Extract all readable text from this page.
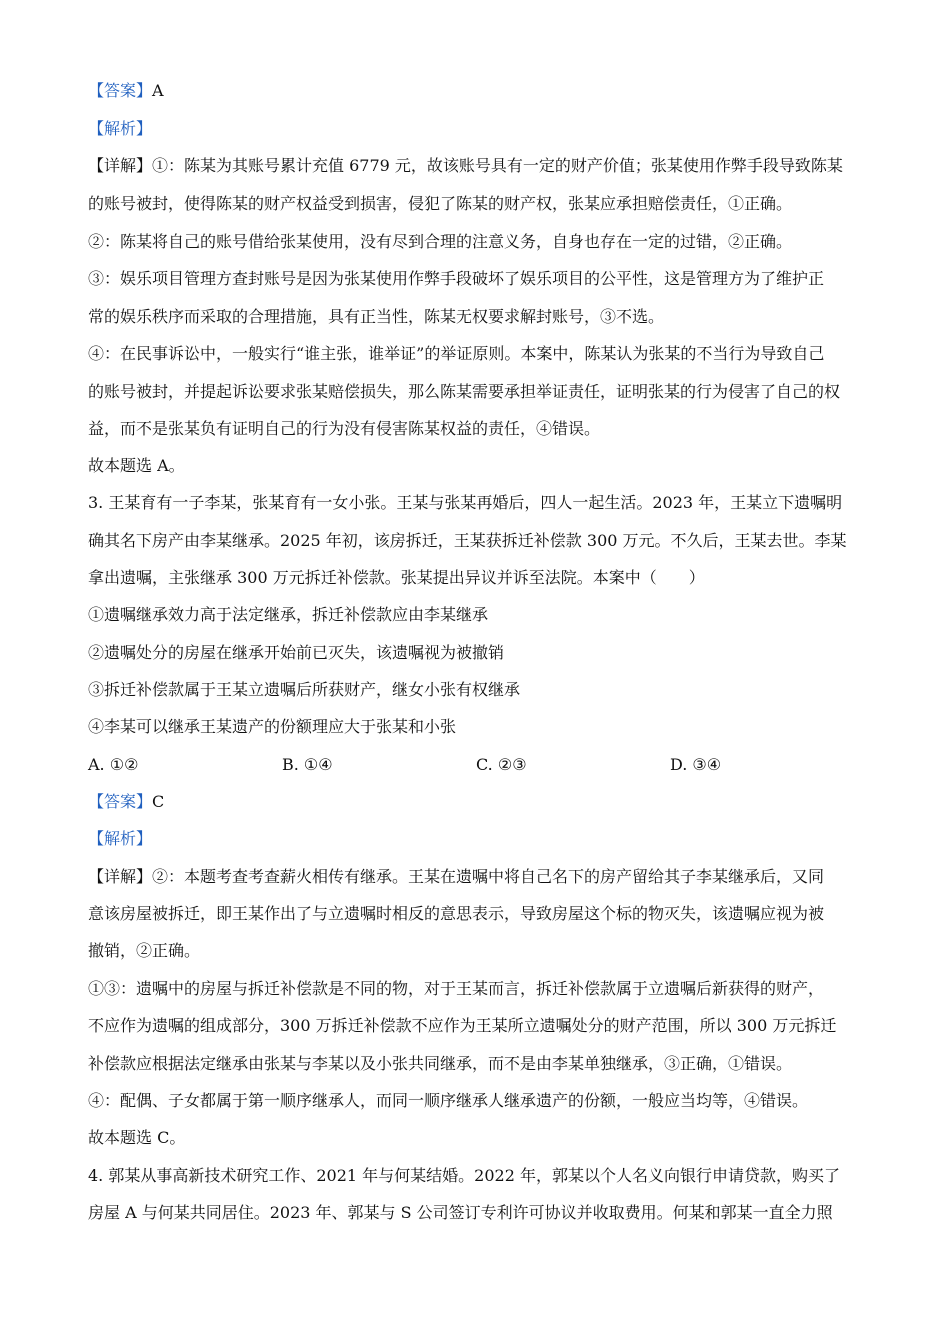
【答案】A
【解析】
【详解】①：陈某为其账号累计充值 6779 元，故该账号具有一定的财产价值；张某使用作弊手段导致陈某
的账号被封，使得陈某的财产权益受到损害，侵犯了陈某的财产权，张某应承担赔偿责任，①正确。
②：陈某将自己的账号借给张某使用，没有尽到合理的注意义务，自身也存在一定的过错，②正确。
③：娱乐项目管理方查封账号是因为张某使用作弊手段破坏了娱乐项目的公平性，这是管理方为了维护正
常的娱乐秩序而采取的合理措施，具有正当性，陈某无权要求解封账号，③不选。
④：在民事诉讼中，一般实行“谁主张，谁举证”的举证原则。本案中，陈某认为张某的不当行为导致自己
的账号被封，并提起诉讼要求张某赔偿损失，那么陈某需要承担举证责任，证明张某的行为侵害了自己的权
益，而不是张某负有证明自己的行为没有侵害陈某权益的责任，④错误。
故本题选 A。
3. 王某育有一子李某，张某育有一女小张。王某与张某再婚后，四人一起生活。2023 年，王某立下遗嘱明
确其名下房产由李某继承。2025 年初，该房拆迁，王某获拆迁补偿款 300 万元。不久后，王某去世。李某
拿出遗嘱，主张继承 300 万元拆迁补偿款。张某提出异议并诉至法院。本案中（　　）
①遗嘱继承效力高于法定继承，拆迁补偿款应由李某继承
②遗嘱处分的房屋在继承开始前已灭失，该遗嘱视为被撤销
③拆迁补偿款属于王某立遗嘱后所获财产，继女小张有权继承
④李某可以继承王某遗产的份额理应大于张某和小张
A. ①②	B. ①④	C. ②③	D. ③④
【答案】C
【解析】
【详解】②：本题考查考查薪火相传有继承。王某在遗嘱中将自己名下的房产留给其子李某继承后，又同
意该房屋被拆迁，即王某作出了与立遗嘱时相反的意思表示，导致房屋这个标的物灭失，该遗嘱应视为被
撤销，②正确。
①③：遗嘱中的房屋与拆迁补偿款是不同的物，对于王某而言，拆迁补偿款属于立遗嘱后新获得的财产，
不应作为遗嘱的组成部分，300 万拆迁补偿款不应作为王某所立遗嘱处分的财产范围，所以 300 万元拆迁
补偿款应根据法定继承由张某与李某以及小张共同继承，而不是由李某单独继承，③正确，①错误。
④：配偶、子女都属于第一顺序继承人，而同一顺序继承人继承遗产的份额，一般应当均等，④错误。
故本题选 C。
4. 郭某从事高新技术研究工作、2021 年与何某结婚。2022 年，郭某以个人名义向银行申请贷款，购买了
房屋 A 与何某共同居住。2023 年、郭某与 S 公司签订专利许可协议并收取费用。何某和郭某一直全力照
